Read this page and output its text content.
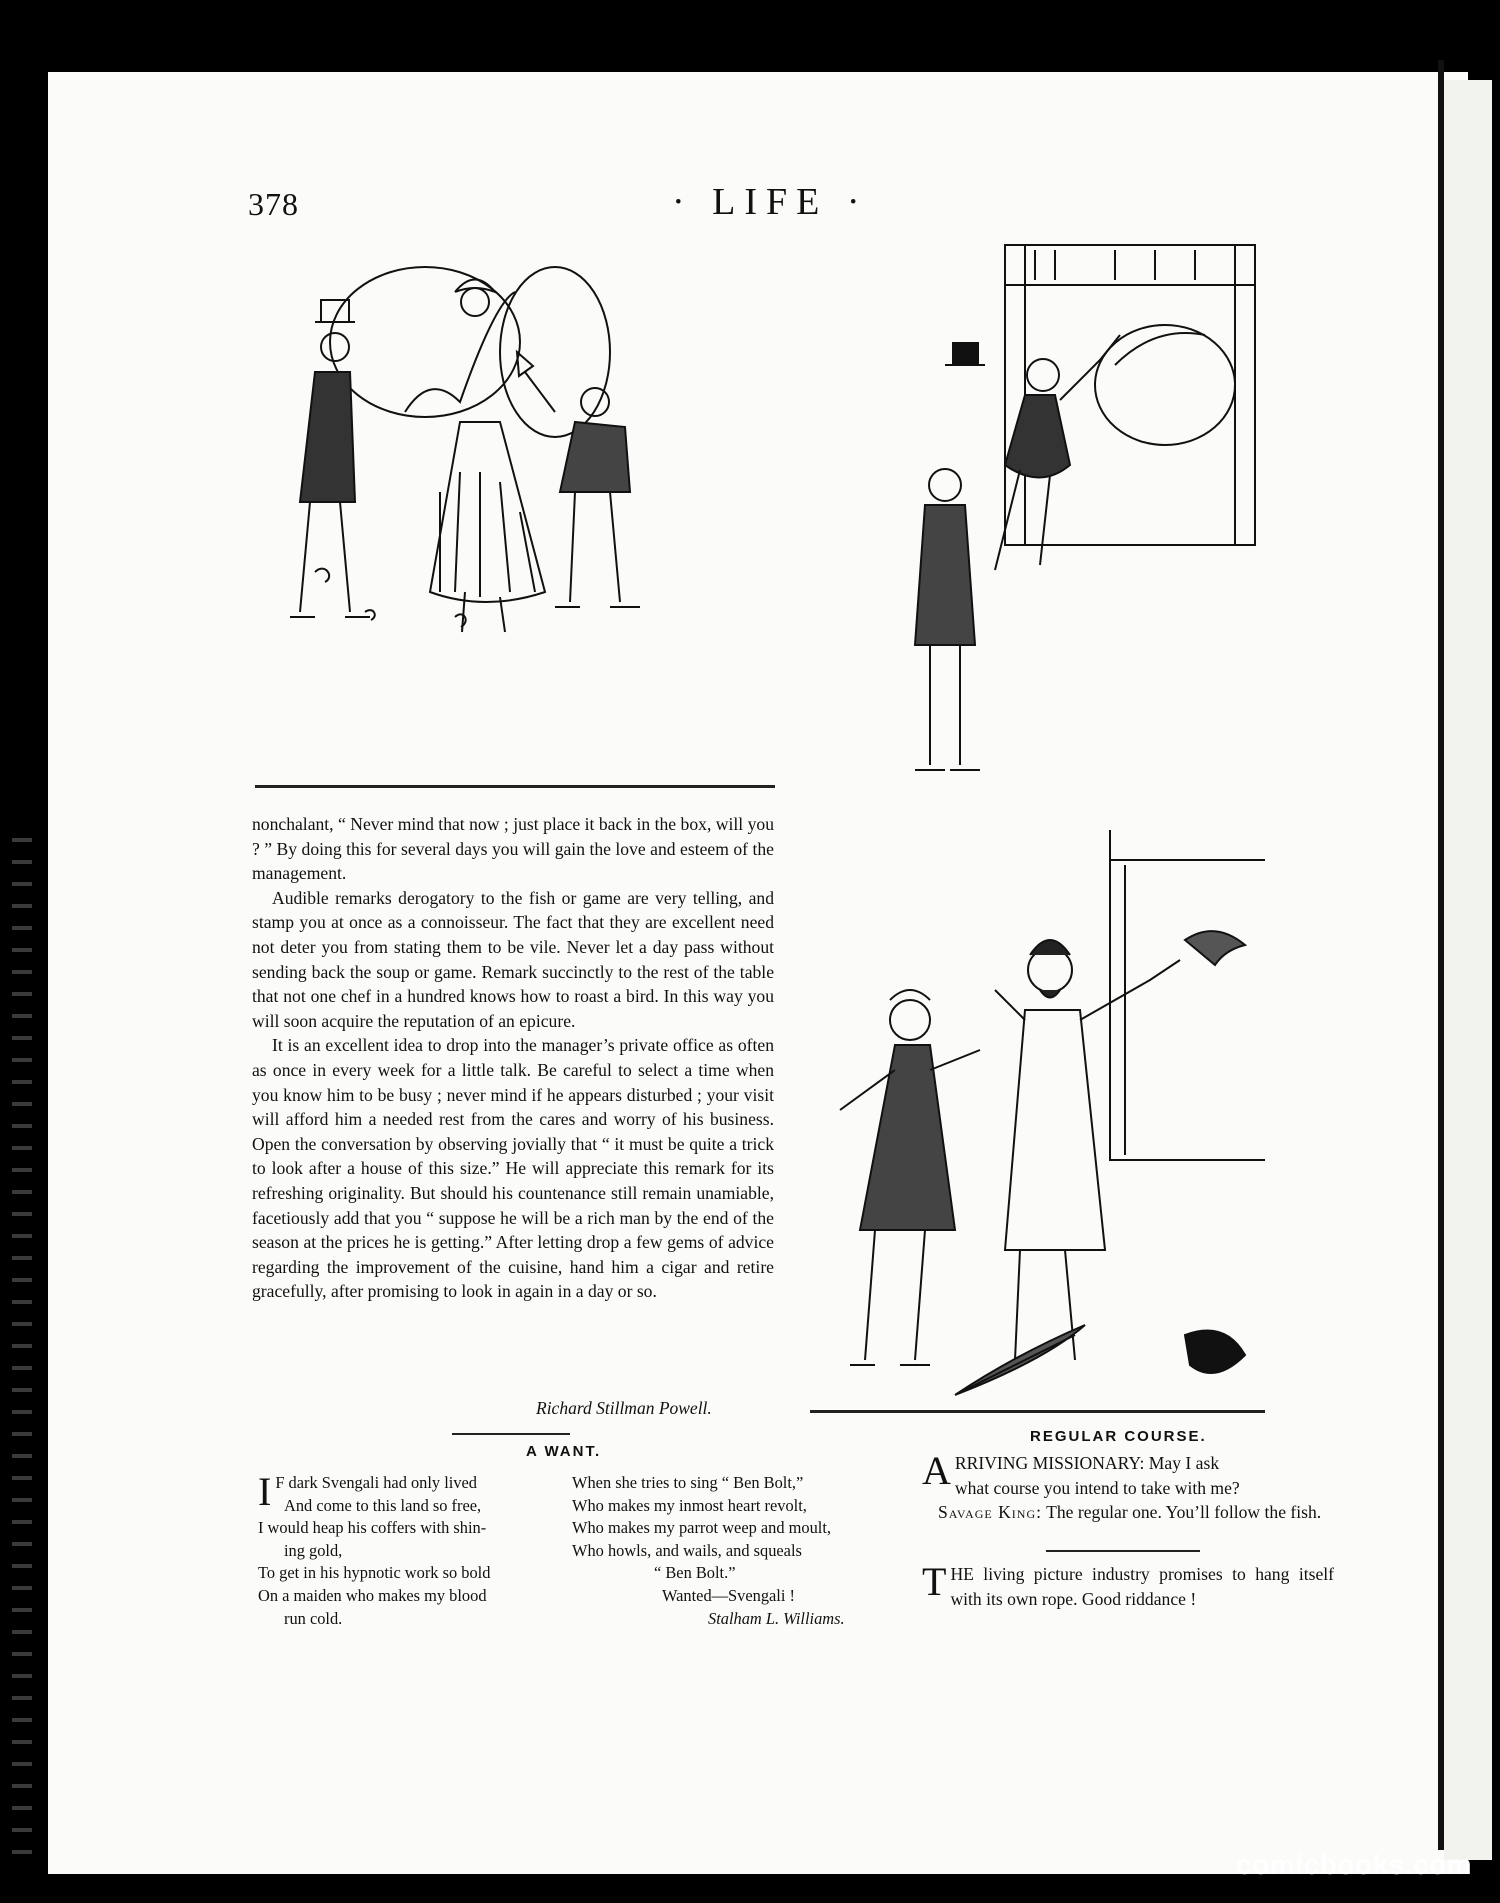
378	· LIFE ·

nonchalant, “ Never mind that now ; just place it back in the box, will you ? ” By doing this for several days you will gain the love and esteem of the management.

Audible remarks derogatory to the fish or game are very telling, and stamp you at once as a connoisseur. The fact that they are excellent need not deter you from stating them to be vile. Never let a day pass without sending back the soup or game. Remark succinctly to the rest of the table that not one chef in a hundred knows how to roast a bird. In this way you will soon acquire the reputation of an epicure.

It is an excellent idea to drop into the manager’s private office as often as once in every week for a little talk. Be careful to select a time when you know him to be busy ; never mind if he appears disturbed ; your visit will afford him a needed rest from the cares and worry of his business. Open the conversation by observing jovially that “ it must be quite a trick to look after a house of this size.” He will appreciate this remark for its refreshing originality. But should his countenance still remain unamiable, facetiously add that you “ suppose he will be a rich man by the end of the season at the prices he is getting.” After letting drop a few gems of advice regarding the improvement of the cuisine, hand him a cigar and retire gracefully, after promising to look in again in a day or so.

Richard Stillman Powell.
A WANT.
I F dark Svengali had only lived
And come to this land so free,
I would heap his coffers with shin-
ing gold,
To get in his hypnotic work so bold
On a maiden who makes my blood
run cold.
When she tries to sing “ Ben Bolt,”
Who makes my inmost heart revolt,
Who makes my parrot weep and moult,
Who howls, and wails, and squeals
“ Ben Bolt.”
Wanted—Svengali !
Stalham L. Williams.
REGULAR COURSE.
A RRIVING MISSIONARY: May I ask
what course you intend to take with me?
Savage King: The regular one. You’ll follow the fish.
T HE living picture industry promises to hang itself with its own rope. Good riddance !
comicbooks.com
